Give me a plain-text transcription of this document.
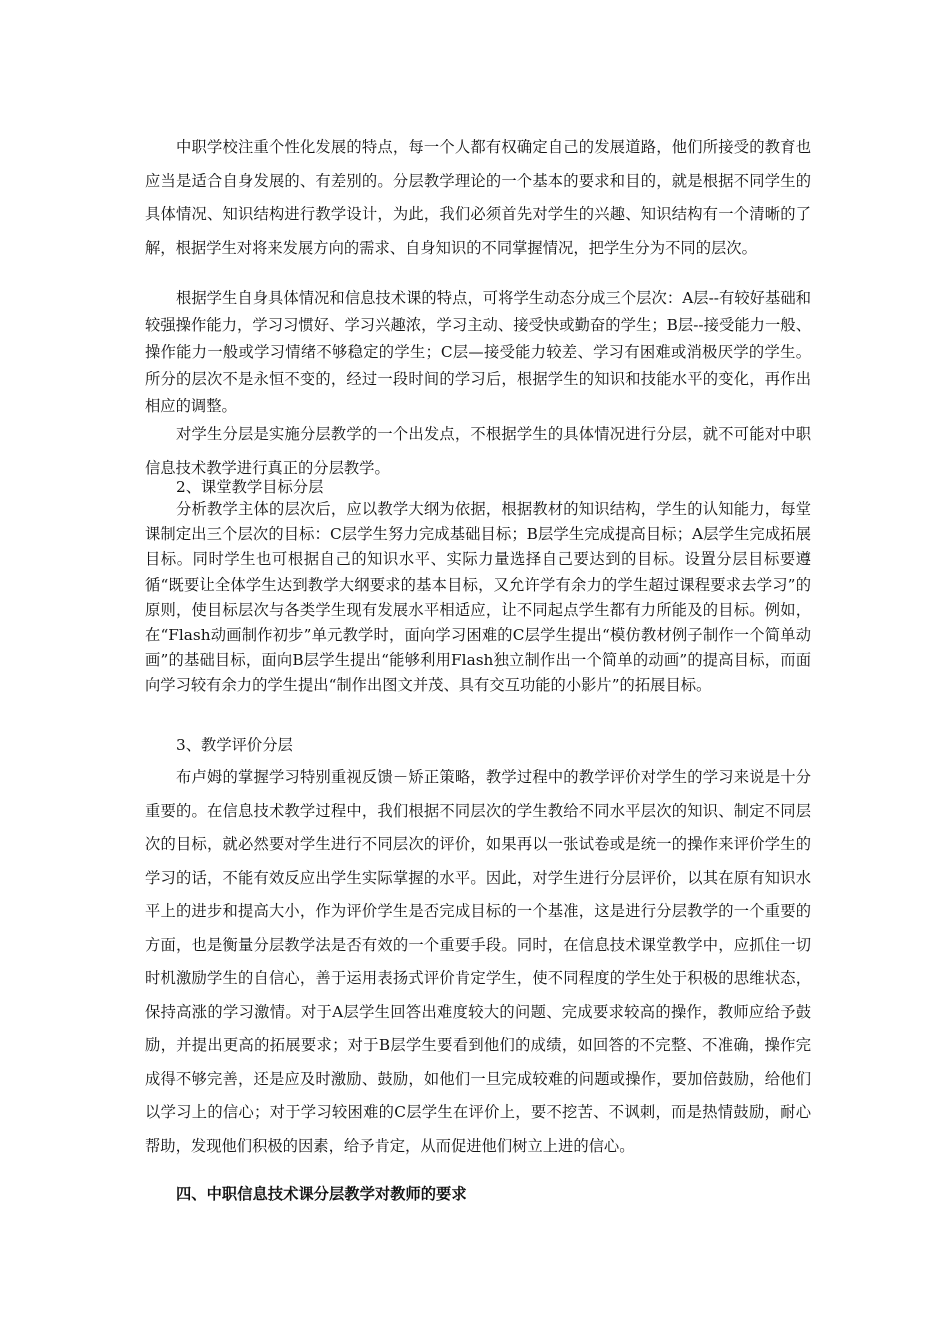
中职学校注重个性化发展的特点，每一个人都有权确定自己的发展道路，他们所接受的教育也应当是适合自身发展的、有差别的。分层教学理论的一个基本的要求和目的，就是根据不同学生的具体情况、知识结构进行教学设计，为此，我们必须首先对学生的兴趣、知识结构有一个清晰的了解，根据学生对将来发展方向的需求、自身知识的不同掌握情况，把学生分为不同的层次。

根据学生自身具体情况和信息技术课的特点，可将学生动态分成三个层次：A层--有较好基础和较强操作能力，学习习惯好、学习兴趣浓，学习主动、接受快或勤奋的学生；B层--接受能力一般、操作能力一般或学习情绪不够稳定的学生；C层—接受能力较差、学习有困难或消极厌学的学生。所分的层次不是永恒不变的，经过一段时间的学习后，根据学生的知识和技能水平的变化，再作出相应的调整。

对学生分层是实施分层教学的一个出发点，不根据学生的具体情况进行分层，就不可能对中职信息技术教学进行真正的分层教学。

2、课堂教学目标分层

分析教学主体的层次后，应以教学大纲为依据，根据教材的知识结构，学生的认知能力，每堂课制定出三个层次的目标：C层学生努力完成基础目标；B层学生完成提高目标；A层学生完成拓展目标。同时学生也可根据自己的知识水平、实际力量选择自己要达到的目标。设置分层目标要遵循“既要让全体学生达到教学大纲要求的基本目标，又允许学有余力的学生超过课程要求去学习”的原则，使目标层次与各类学生现有发展水平相适应，让不同起点学生都有力所能及的目标。例如，在“Flash动画制作初步”单元教学时，面向学习困难的C层学生提出“模仿教材例子制作一个简单动画”的基础目标，面向B层学生提出“能够利用Flash独立制作出一个简单的动画”的提高目标，而面向学习较有余力的学生提出“制作出图文并茂、具有交互功能的小影片”的拓展目标。

3、教学评价分层

布卢姆的掌握学习特别重视反馈－矫正策略，教学过程中的教学评价对学生的学习来说是十分重要的。在信息技术教学过程中，我们根据不同层次的学生教给不同水平层次的知识、制定不同层次的目标，就必然要对学生进行不同层次的评价，如果再以一张试卷或是统一的操作来评价学生的学习的话，不能有效反应出学生实际掌握的水平。因此，对学生进行分层评价，以其在原有知识水平上的进步和提高大小，作为评价学生是否完成目标的一个基准，这是进行分层教学的一个重要的方面，也是衡量分层教学法是否有效的一个重要手段。同时，在信息技术课堂教学中，应抓住一切时机激励学生的自信心，善于运用表扬式评价肯定学生，使不同程度的学生处于积极的思维状态，保持高涨的学习激情。对于A层学生回答出难度较大的问题、完成要求较高的操作，教师应给予鼓励，并提出更高的拓展要求；对于B层学生要看到他们的成绩，如回答的不完整、不准确，操作完成得不够完善，还是应及时激励、鼓励，如他们一旦完成较难的问题或操作，要加倍鼓励，给他们以学习上的信心；对于学习较困难的C层学生在评价上，要不挖苦、不讽刺，而是热情鼓励，耐心帮助，发现他们积极的因素，给予肯定，从而促进他们树立上进的信心。

四、中职信息技术课分层教学对教师的要求
